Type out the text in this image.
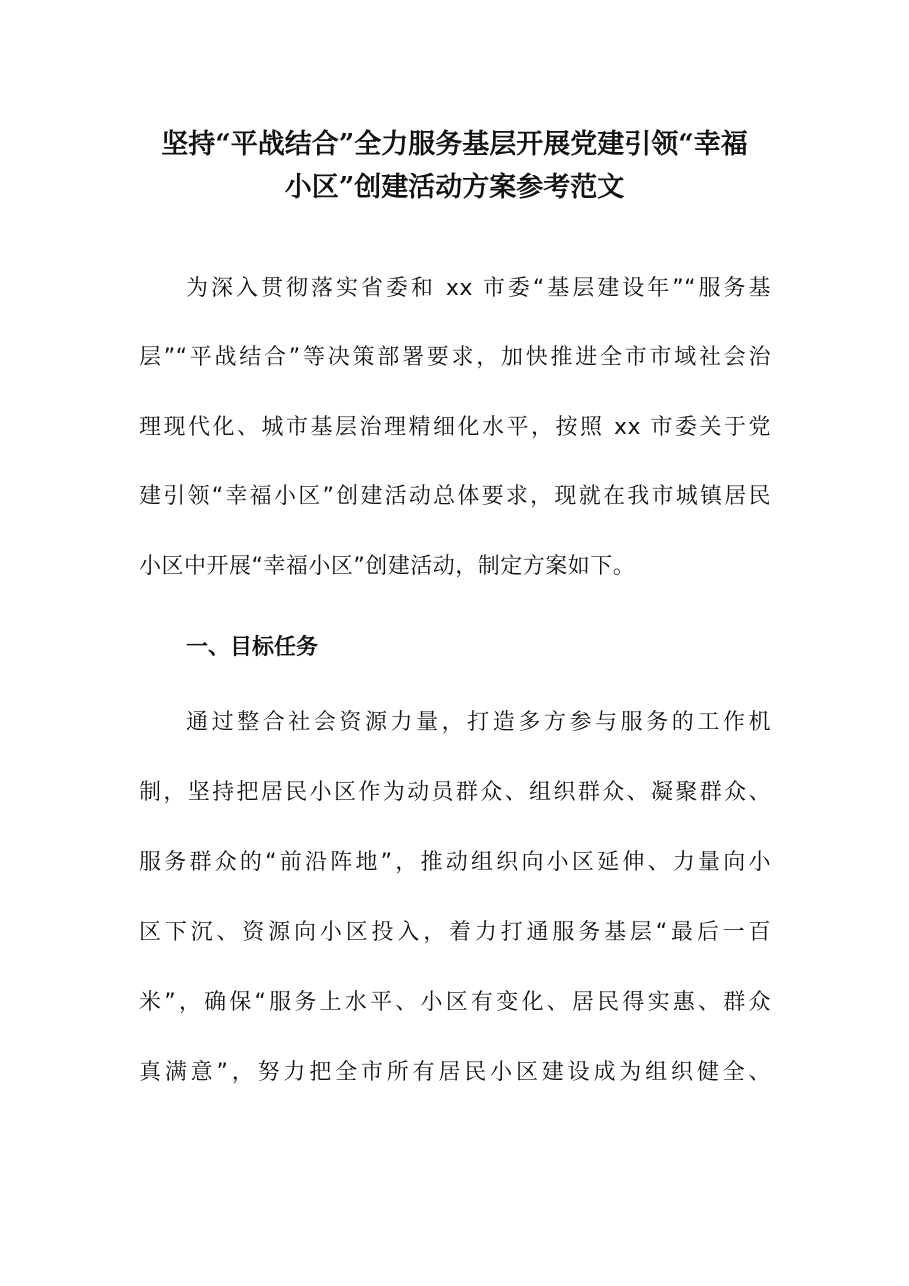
坚持“平战结合”全力服务基层开展党建引领“幸福
小区”创建活动方案参考范文
为深入贯彻落实省委和 xx 市委“基层建设年”“服务基
层”“平战结合”等决策部署要求，加快推进全市市域社会治
理现代化、城市基层治理精细化水平，按照 xx 市委关于党
建引领“幸福小区”创建活动总体要求，现就在我市城镇居民
小区中开展“幸福小区”创建活动，制定方案如下。
一、目标任务
通过整合社会资源力量，打造多方参与服务的工作机
制，坚持把居民小区作为动员群众、组织群众、凝聚群众、
服务群众的“前沿阵地”，推动组织向小区延伸、力量向小
区下沉、资源向小区投入，着力打通服务基层“最后一百
米”，确保“服务上水平、小区有变化、居民得实惠、群众
真满意”，努力把全市所有居民小区建设成为组织健全、
